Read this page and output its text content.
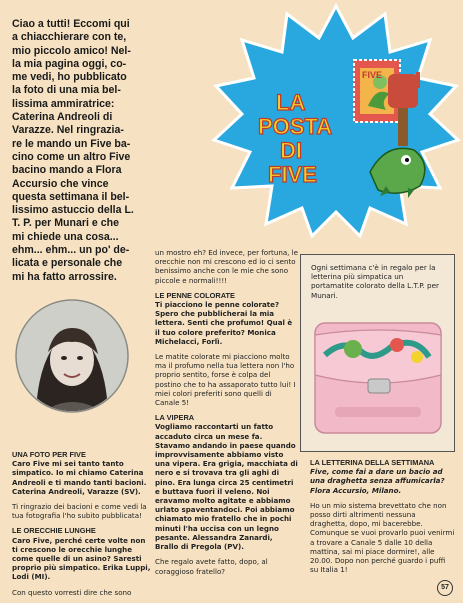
Ciao a tutti! Eccomi qui
a chiacchierare con te,
mio piccolo amico! Nel-
la mia pagina oggi, co-
me vedi, ho pubblicato
la foto di una mia bel-
lissima ammiratrice:
Caterina Andreoli di
Varazze. Nel ringrazia-
re le mando un Five ba-
cino come un altro Five
bacino mando a Flora
Accursio che vince
questa settimana il bel-
lissimo astuccio della L.
T. P. per Munari e che
mi chiede una cosa...
ehm... ehm... un po' de-
licata e personale che
mi ha fatto arrossire.
FIVE
LA
POSTA
DI
FIVE

UNA FOTO PER FIVE

Caro Five mi sei tanto tanto simpatico. Io mi chiamo Caterina Andreoli e ti mando tanti bacioni. Caterina Andreoli, Varazze (SV).

Ti ringrazio dei bacioni e come vedi la tua fotografia l'ho subito pubblicata!

LE ORECCHIE LUNGHE

Caro Five, perché certe volte non ti crescono le orecchie lunghe come quelle di un asino? Saresti proprio più simpatico. Erika Luppi, Lodi (MI).

Con questo vorresti dire che sono

un mostro eh? Ed invece, per fortuna, le orecchie non mi crescono ed io ci sento benissimo anche con le mie che sono piccole e normali!!!!

LE PENNE COLORATE

Ti piacciono le penne colorate? Spero che pubblicherai la mia lettera. Senti che profumo! Qual è il tuo colore preferito? Monica Michelacci, Forlì.

Le matite colorate mi piacciono molto ma il profumo nella tua lettera non l'ho proprio sentito, forse è colpa del postino che to ha assaporato tutto lui! I miei colori preferiti sono quelli di Canale 5!

LA VIPERA

Vogliamo raccontarti un fatto accaduto circa un mese fa. Stavamo andando in paese quando improvvisamente abbiamo visto una vipera. Era grigia, macchiata di nero e si trovava tra gli aghi di pino. Era lunga circa 25 centimetri e buttava fuori il veleno. Noi eravamo molto agitate e abbiamo urlato spaventandoci. Poi abbiamo chiamato mio fratello che in pochi minuti l'ha uccisa con un legno pesante. Alessandra Zanardi, Brallo di Pregola (PV).

Che regalo avete fatto, dopo, al coraggioso fratello?

Ogni settimana c'è in regalo per la letterina più simpatica un portamatite colorato della L.T.P. per Munari.

LA LETTERINA DELLA SETTIMANA

Five, come fai a dare un bacio ad una draghetta senza affumicarla? Flora Accursio, Milano.

Ho un mio sistema brevettato che non posso dirti altrimenti nessuna draghetta, dopo, mi bacerebbe. Comunque se vuoi provarlo puoi venirmi a trovare a Canale 5 dalle 10 della mattina, sai mi piace dormire!, alle 20.00. Dopo non perché guardo i puffi su Italia 1!

57
